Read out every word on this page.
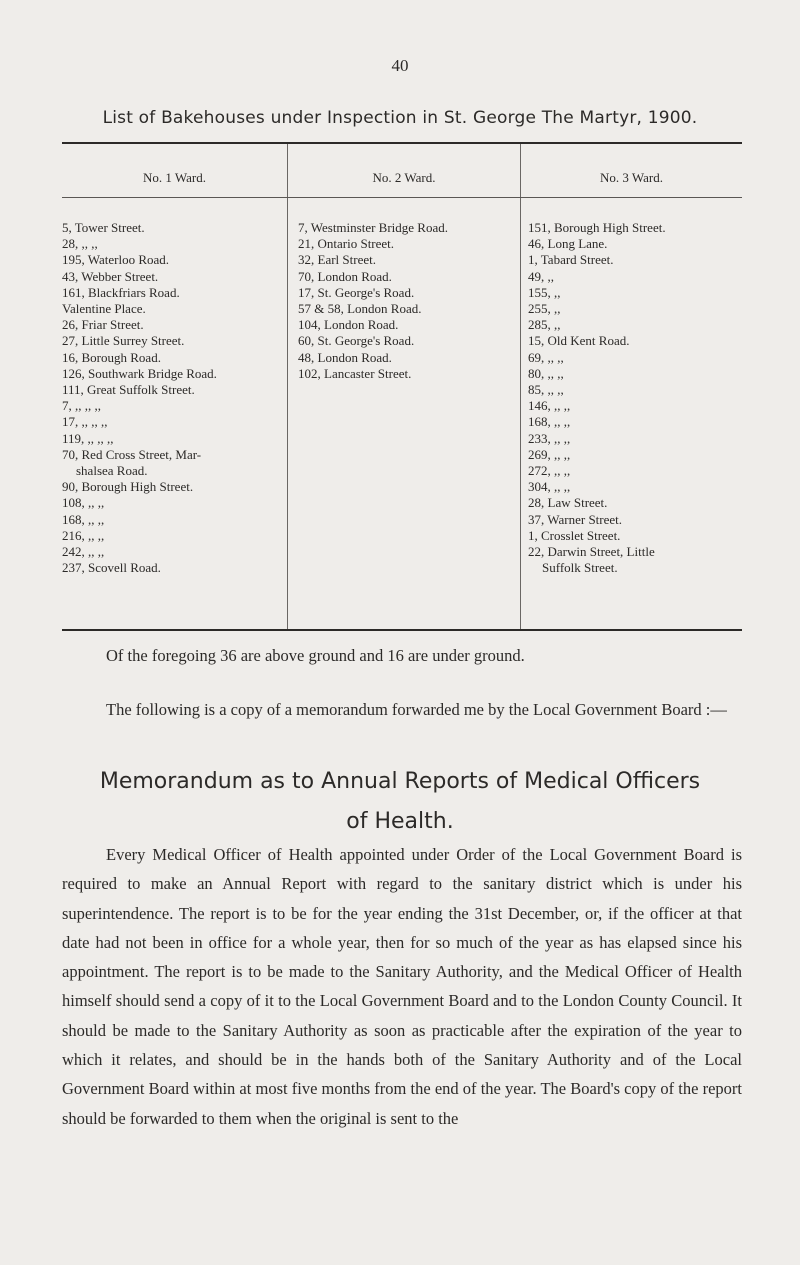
40
List of Bakehouses under Inspection in St. George The Martyr, 1900.
No. 1 Ward.	No. 2 Ward.	No. 3 Ward.
5, Tower Street.
28, ,, ,,
195, Waterloo Road.
43, Webber Street.
161, Blackfriars Road.
Valentine Place.
26, Friar Street.
27, Little Surrey Street.
16, Borough Road.
126, Southwark Bridge Road.
111, Great Suffolk Street.
7, ,, ,, ,,
17, ,, ,, ,,
119, ,, ,, ,,
70, Red Cross Street, Mar-
shalsea Road.
90, Borough High Street.
108, ,, ,,
168, ,, ,,
216, ,, ,,
242, ,, ,,
237, Scovell Road.
7, Westminster Bridge Road.
21, Ontario Street.
32, Earl Street.
70, London Road.
17, St. George's Road.
57 & 58, London Road.
104, London Road.
60, St. George's Road.
48, London Road.
102, Lancaster Street.
151, Borough High Street.
46, Long Lane.
1, Tabard Street.
49, ,,
155, ,,
255, ,,
285, ,,
15, Old Kent Road.
69, ,, ,,
80, ,, ,,
85, ,, ,,
146, ,, ,,
168, ,, ,,
233, ,, ,,
269, ,, ,,
272, ,, ,,
304, ,, ,,
28, Law Street.
37, Warner Street.
1, Crosslet Street.
22, Darwin Street, Little
Suffolk Street.
Of the foregoing 36 are above ground and 16 are under ground.
The following is a copy of a memorandum forwarded me by the Local Government Board :—
Memorandum as to Annual Reports of Medical Officers
of Health.
Every Medical Officer of Health appointed under Order of the Local Government Board is required to make an Annual Report with regard to the sanitary district which is under his superintendence. The report is to be for the year ending the 31st December, or, if the officer at that date had not been in office for a whole year, then for so much of the year as has elapsed since his appointment. The report is to be made to the Sanitary Authority, and the Medical Officer of Health himself should send a copy of it to the Local Government Board and to the London County Council. It should be made to the Sanitary Authority as soon as practicable after the expiration of the year to which it relates, and should be in the hands both of the Sanitary Authority and of the Local Government Board within at most five months from the end of the year. The Board's copy of the report should be forwarded to them when the original is sent to the
